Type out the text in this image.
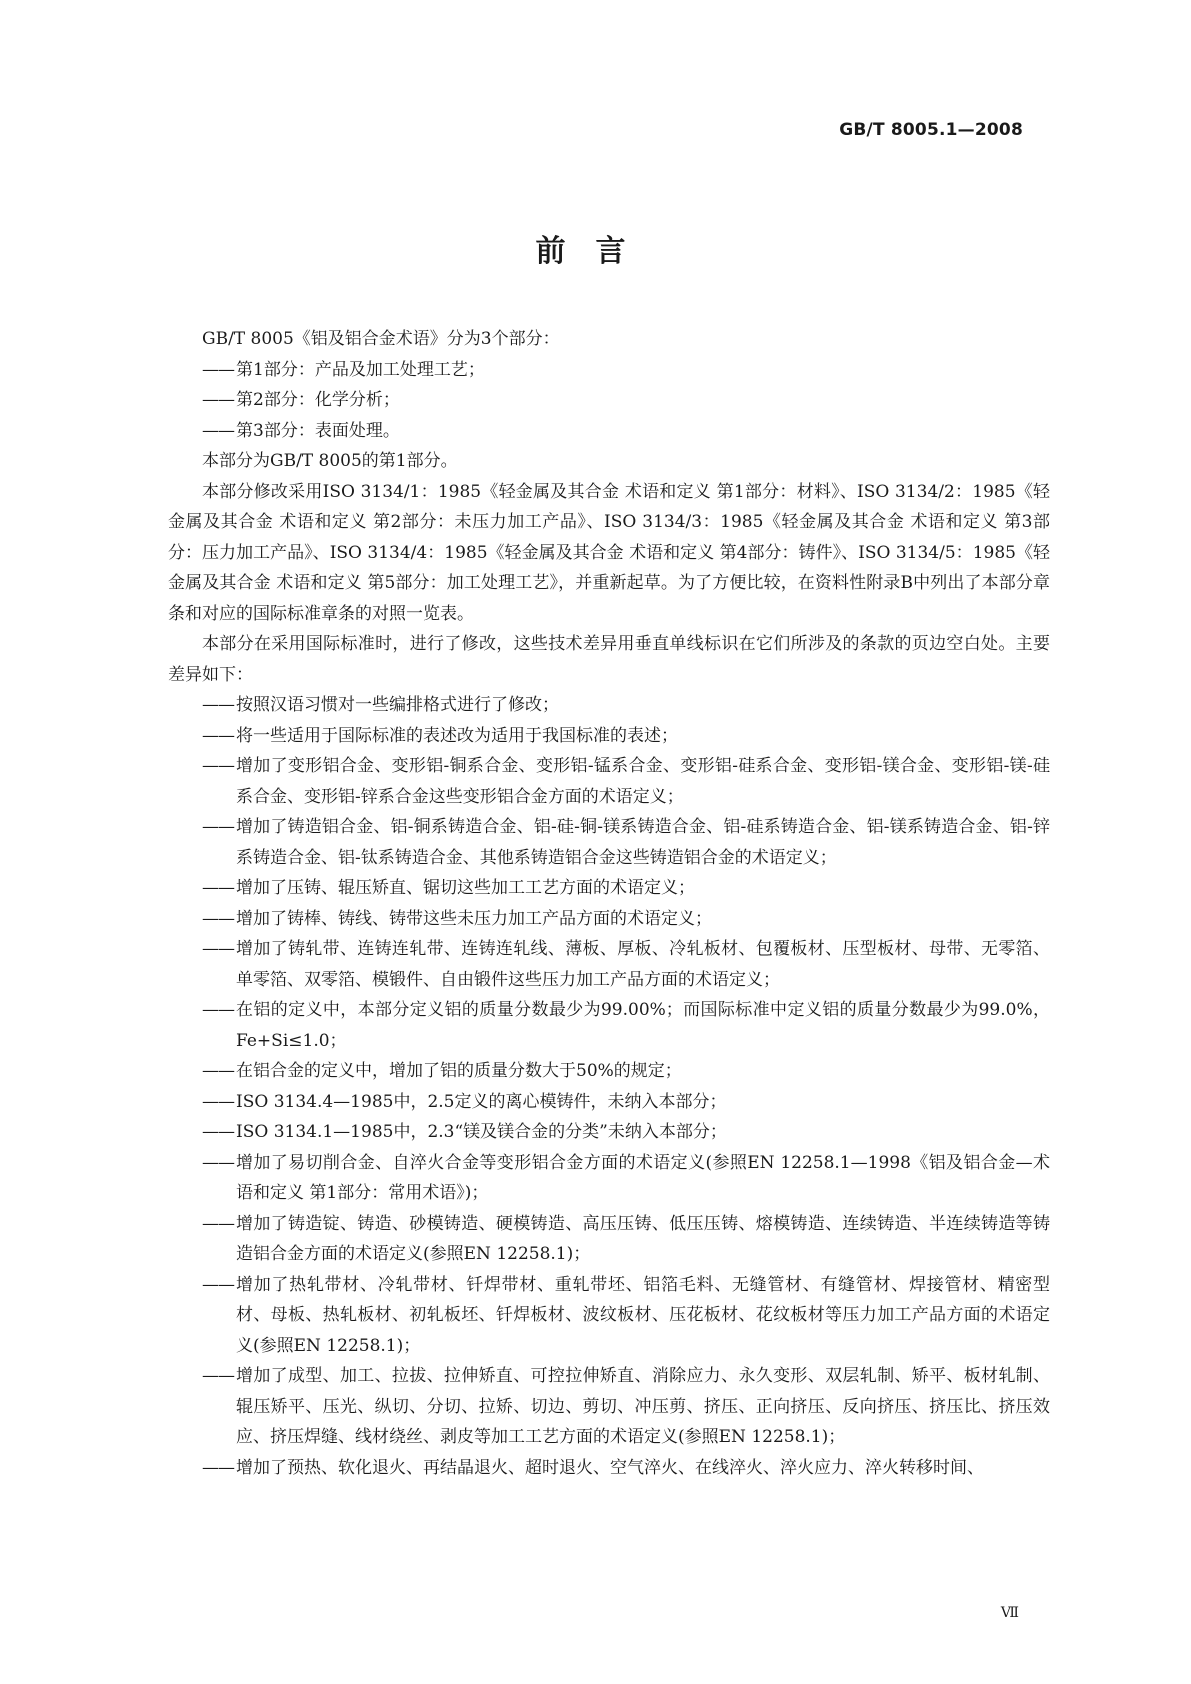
GB/T 8005.1—2008
前言
GB/T 8005《铝及铝合金术语》分为3个部分：
—— 第1部分：产品及加工处理工艺；
—— 第2部分：化学分析；
—— 第3部分：表面处理。
本部分为GB/T 8005的第1部分。
本部分修改采用ISO 3134/1：1985《轻金属及其合金 术语和定义 第1部分：材料》、ISO 3134/2：1985《轻金属及其合金 术语和定义 第2部分：未压力加工产品》、ISO 3134/3：1985《轻金属及其合金 术语和定义 第3部分：压力加工产品》、ISO 3134/4：1985《轻金属及其合金 术语和定义 第4部分：铸件》、ISO 3134/5：1985《轻金属及其合金 术语和定义 第5部分：加工处理工艺》，并重新起草。为了方便比较，在资料性附录B中列出了本部分章条和对应的国际标准章条的对照一览表。
本部分在采用国际标准时，进行了修改，这些技术差异用垂直单线标识在它们所涉及的条款的页边空白处。主要差异如下：
—— 按照汉语习惯对一些编排格式进行了修改；
—— 将一些适用于国际标准的表述改为适用于我国标准的表述；
—— 增加了变形铝合金、变形铝-铜系合金、变形铝-锰系合金、变形铝-硅系合金、变形铝-镁合金、变形铝-镁-硅系合金、变形铝-锌系合金这些变形铝合金方面的术语定义；
—— 增加了铸造铝合金、铝-铜系铸造合金、铝-硅-铜-镁系铸造合金、铝-硅系铸造合金、铝-镁系铸造合金、铝-锌系铸造合金、铝-钛系铸造合金、其他系铸造铝合金这些铸造铝合金的术语定义；
—— 增加了压铸、辊压矫直、锯切这些加工工艺方面的术语定义；
—— 增加了铸棒、铸线、铸带这些未压力加工产品方面的术语定义；
—— 增加了铸轧带、连铸连轧带、连铸连轧线、薄板、厚板、冷轧板材、包覆板材、压型板材、母带、无零箔、单零箔、双零箔、模锻件、自由锻件这些压力加工产品方面的术语定义；
—— 在铝的定义中，本部分定义铝的质量分数最少为99.00%；而国际标准中定义铝的质量分数最少为99.0%，Fe+Si≤1.0；
—— 在铝合金的定义中，增加了铝的质量分数大于50%的规定；
—— ISO 3134.4—1985中，2.5定义的离心模铸件，未纳入本部分；
—— ISO 3134.1—1985中，2.3“镁及镁合金的分类”未纳入本部分；
—— 增加了易切削合金、自淬火合金等变形铝合金方面的术语定义(参照EN 12258.1—1998《铝及铝合金—术语和定义 第1部分：常用术语》)；
—— 增加了铸造锭、铸造、砂模铸造、硬模铸造、高压压铸、低压压铸、熔模铸造、连续铸造、半连续铸造等铸造铝合金方面的术语定义(参照EN 12258.1)；
—— 增加了热轧带材、冷轧带材、钎焊带材、重轧带坯、铝箔毛料、无缝管材、有缝管材、焊接管材、精密型材、母板、热轧板材、初轧板坯、钎焊板材、波纹板材、压花板材、花纹板材等压力加工产品方面的术语定义(参照EN 12258.1)；
—— 增加了成型、加工、拉拔、拉伸矫直、可控拉伸矫直、消除应力、永久变形、双层轧制、矫平、板材轧制、辊压矫平、压光、纵切、分切、拉矫、切边、剪切、冲压剪、挤压、正向挤压、反向挤压、挤压比、挤压效应、挤压焊缝、线材绕丝、剥皮等加工工艺方面的术语定义(参照EN 12258.1)；
—— 增加了预热、软化退火、再结晶退火、超时退火、空气淬火、在线淬火、淬火应力、淬火转移时间、
Ⅶ
